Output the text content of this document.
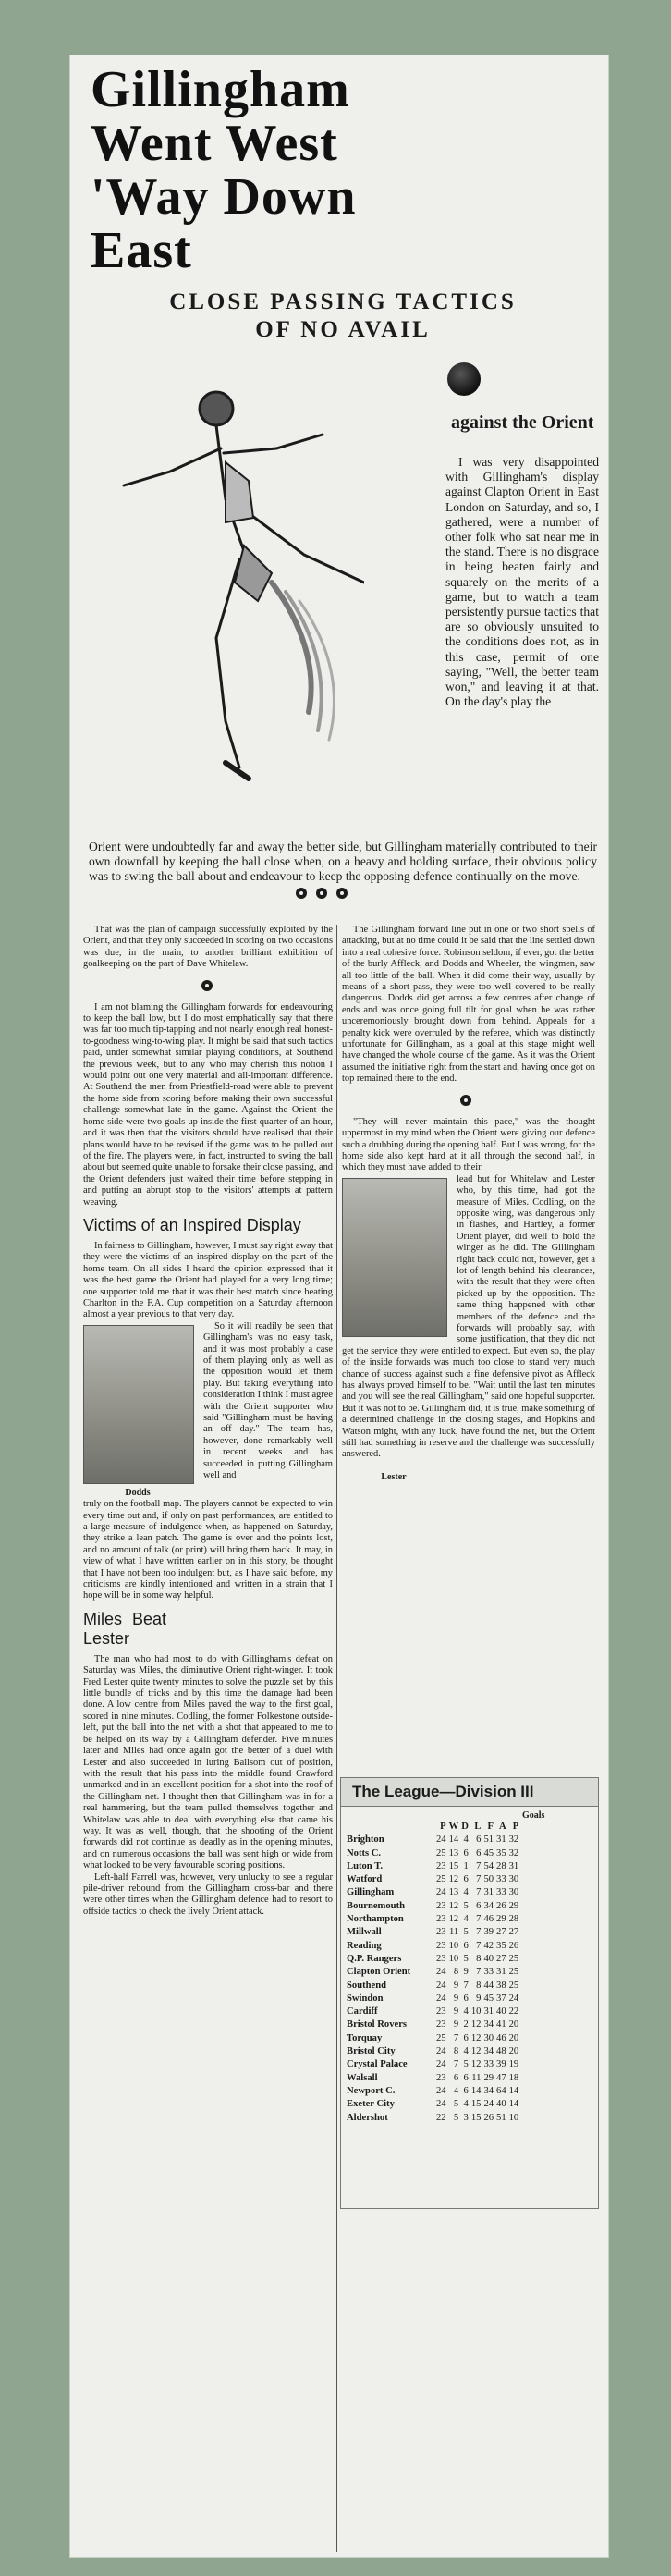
Gillingham
Went West
'Way Down
East
CLOSE PASSING TACTICS
OF NO AVAIL
against the Orient

I was very disappointed with Gillingham's display against Clapton Orient in East London on Saturday, and so, I gathered, were a number of other folk who sat near me in the stand. There is no disgrace in being beaten fairly and squarely on the merits of a game, but to watch a team persistently pursue tactics that are so obviously unsuited to the conditions does not, as in this case, permit of one saying, "Well, the better team won," and leaving it at that. On the day's play the

Orient were undoubtedly far and away the better side, but Gillingham materially contributed to their own downfall by keeping the ball close when, on a heavy and holding surface, their obvious policy was to swing the ball about and endeavour to keep the opposing defence continually on the move.

That was the plan of campaign successfully exploited by the Orient, and that they only succeeded in scoring on two occasions was due, in the main, to another brilliant exhibition of goalkeeping on the part of Dave Whitelaw.

I am not blaming the Gillingham forwards for endeavouring to keep the ball low, but I do most emphatically say that there was far too much tip-tapping and not nearly enough real honest-to-goodness wing-to-wing play. It might be said that such tactics paid, under somewhat similar playing conditions, at Southend the previous week, but to any who may cherish this notion I would point out one very material and all-important difference. At Southend the men from Priestfield-road were able to prevent the home side from scoring before making their own successful challenge somewhat late in the game. Against the Orient the home side were two goals up inside the first quarter-of-an-hour, and it was then that the visitors should have realised that their plans would have to be revised if the game was to be pulled out of the fire. The players were, in fact, instructed to swing the ball about but seemed quite unable to forsake their close passing, and the Orient defenders just waited their time before stepping in and putting an abrupt stop to the visitors' attempts at pattern weaving.

Victims of an Inspired Display

In fairness to Gillingham, however, I must say right away that they were the victims of an inspired display on the part of the home team. On all sides I heard the opinion expressed that it was the best game the Orient had played for a very long time; one supporter told me that it was their best match since beating Charlton in the F.A. Cup competition on a Saturday afternoon almost a year previous to that very day.

So it will readily be seen that Gillingham's was no easy task, and it was most probably a case of them playing only as well as the opposition would let them play. But taking everything into consideration I think I must agree with the Orient supporter who said "Gillingham must be having an off day." The team has, however, done remarkably well in recent weeks and has succeeded in putting Gillingham well and

Dodds

truly on the football map. The players cannot be expected to win every time out and, if only on past performances, are entitled to a large measure of indulgence when, as happened on Saturday, they strike a lean patch. The game is over and the points lost, and no amount of talk (or print) will bring them back. It may, in view of what I have written earlier on in this story, be thought that I have not been too indulgent but, as I have said before, my criticisms are kindly intentioned and written in a strain that I hope will be in some way helpful.

Miles Beat Lester

The man who had most to do with Gillingham's defeat on Saturday was Miles, the diminutive Orient right-winger. It took Fred Lester quite twenty minutes to solve the puzzle set by this little bundle of tricks and by this time the damage had been done. A low centre from Miles paved the way to the first goal, scored in nine minutes. Codling, the former Folkestone outside-left, put the ball into the net with a shot that appeared to me to be helped on its way by a Gillingham defender. Five minutes later and Miles had once again got the better of a duel with Lester and also succeeded in luring Ballsom out of position, with the result that his pass into the middle found Crawford unmarked and in an excellent position for a shot into the roof of the Gillingham net. I thought then that Gillingham was in for a real hammering, but the team pulled themselves together and Whitelaw was able to deal with everything else that came his way. It was as well, though, that the shooting of the Orient forwards did not continue as deadly as in the opening minutes, and on numerous occasions the ball was sent high or wide from what looked to be very favourable scoring positions.

Left-half Farrell was, however, very unlucky to see a regular pile-driver rebound from the Gillingham cross-bar and there were other times when the Gillingham defence had to resort to offside tactics to check the lively Orient attack.

The Gillingham forward line put in one or two short spells of attacking, but at no time could it be said that the line settled down into a real cohesive force. Robinson seldom, if ever, got the better of the burly Affleck, and Dodds and Wheeler, the wingmen, saw all too little of the ball. When it did come their way, usually by means of a short pass, they were too well covered to be really dangerous. Dodds did get across a few centres after change of ends and was once going full tilt for goal when he was rather unceremoniously brought down from behind. Appeals for a penalty kick were overruled by the referee, which was distinctly unfortunate for Gillingham, as a goal at this stage might well have changed the whole course of the game. As it was the Orient assumed the initiative right from the start and, having once got on top remained there to the end.

"They will never maintain this pace," was the thought uppermost in my mind when the Orient were giving our defence such a drubbing during the opening half. But I was wrong, for the home side also kept hard at it all through the second half, in which they must have added to their

lead but for Whitelaw and Lester who, by this time, had got the measure of Miles. Codling, on the opposite wing, was dangerous only in flashes, and Hartley, a former Orient player, did well to hold the winger as he did. The Gillingham right back could not, however, get a lot of length behind his clearances, with the result that they were often picked up by the opposition. The same thing happened with other members of the defence and the forwards will probably say, with some justification, that they did not get the service they were entitled to expect. But even so, the play of the inside forwards was much too close to stand very much chance of success against such a fine defensive pivot as Affleck has always proved himself to be. "Wait until the last ten minutes and you will see the real Gillingham," said one hopeful supporter. But it was not to be. Gillingham did, it is true, make something of a determined challenge in the closing stages, and Hopkins and Watson might, with any luck, have found the net, but the Orient still had something in reserve and the challenge was successfully answered.

Lester
The League—Division III
Goals
	P	W	D	L	F	A	P
Brighton	24	14	4	6	51	31	32
Notts C.	25	13	6	6	45	35	32
Luton T.	23	15	1	7	54	28	31
Watford	25	12	6	7	50	33	30
Gillingham	24	13	4	7	31	33	30
Bournemouth	23	12	5	6	34	26	29
Northampton	23	12	4	7	46	29	28
Millwall	23	11	5	7	39	27	27
Reading	23	10	6	7	42	35	26
Q.P. Rangers	23	10	5	8	40	27	25
Clapton Orient	24	8	9	7	33	31	25
Southend	24	9	7	8	44	38	25
Swindon	24	9	6	9	45	37	24
Cardiff	23	9	4	10	31	40	22
Bristol Rovers	23	9	2	12	34	41	20
Torquay	25	7	6	12	30	46	20
Bristol City	24	8	4	12	34	48	20
Crystal Palace	24	7	5	12	33	39	19
Walsall	23	6	6	11	29	47	18
Newport C.	24	4	6	14	34	64	14
Exeter City	24	5	4	15	24	40	14
Aldershot	22	5	3	15	26	51	10
